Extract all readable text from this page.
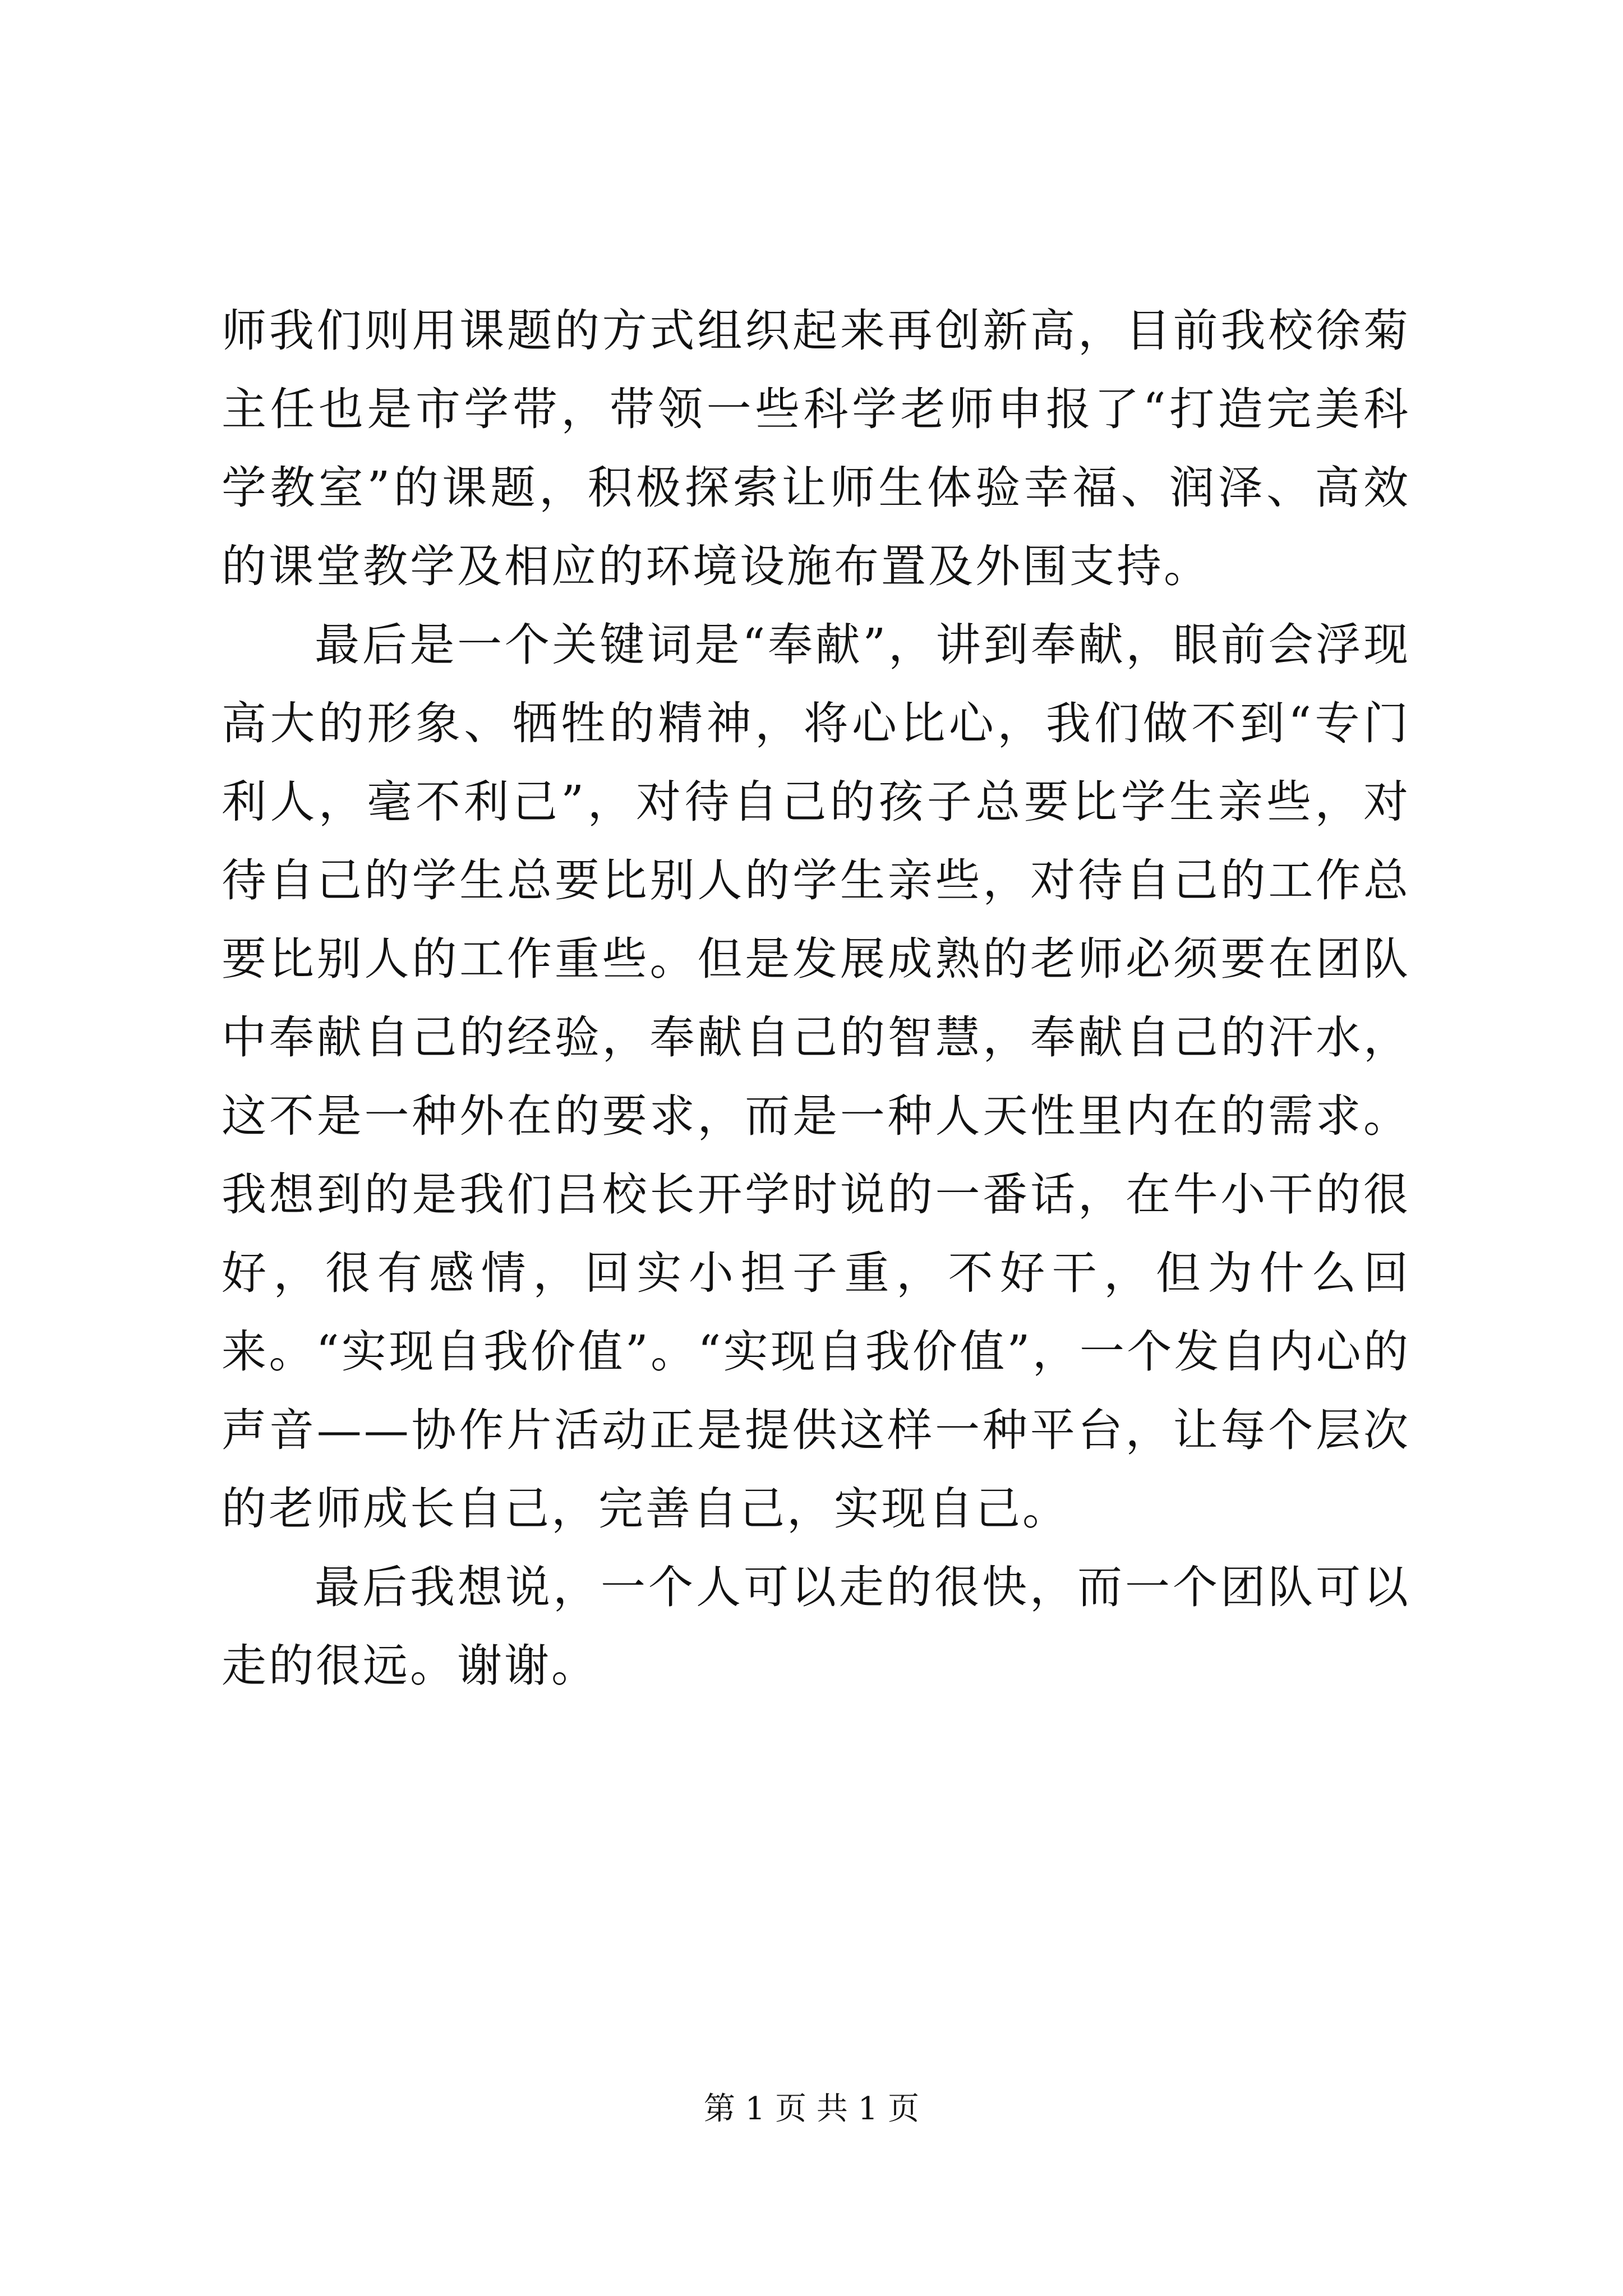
师我们则用课题的方式组织起来再创新高，目前我校徐菊主任也是市学带，带领一些科学老师申报了“打造完美科学教室”的课题，积极探索让师生体验幸福、润泽、高效的课堂教学及相应的环境设施布置及外围支持。

最后是一个关键词是“奉献”，讲到奉献，眼前会浮现高大的形象、牺牲的精神，将心比心，我们做不到“专门利人，毫不利己”，对待自己的孩子总要比学生亲些，对待自己的学生总要比别人的学生亲些，对待自己的工作总要比别人的工作重些。但是发展成熟的老师必须要在团队中奉献自己的经验，奉献自己的智慧，奉献自己的汗水，这不是一种外在的要求，而是一种人天性里内在的需求。我想到的是我们吕校长开学时说的一番话，在牛小干的很好，很有感情，回实小担子重，不好干，但为什么回来。“实现自我价值”。“实现自我价值”，一个发自内心的声音——协作片活动正是提供这样一种平台，让每个层次的老师成长自己，完善自己，实现自己。

最后我想说，一个人可以走的很快，而一个团队可以走的很远。谢谢。

第 1 页 共 1 页
